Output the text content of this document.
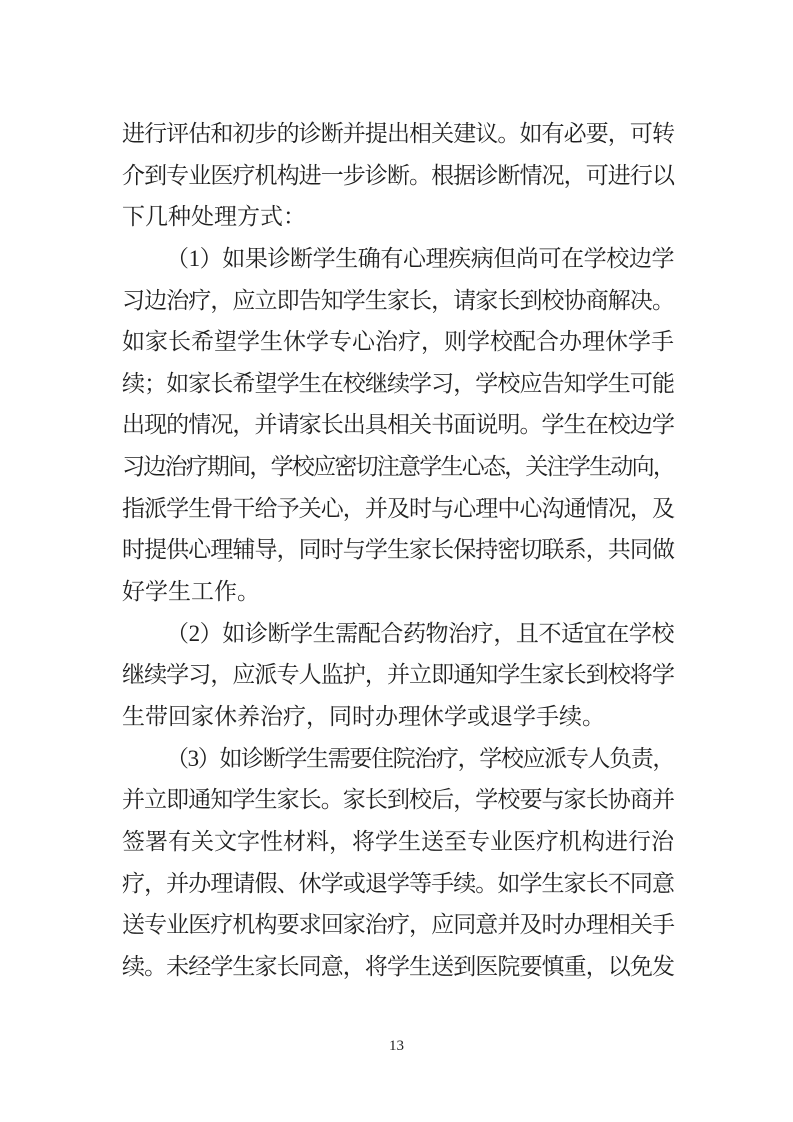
进行评估和初步的诊断并提出相关建议。如有必要，可转
介到专业医疗机构进一步诊断。根据诊断情况，可进行以
下几种处理方式：
（1）如果诊断学生确有心理疾病但尚可在学校边学
习边治疗，应立即告知学生家长，请家长到校协商解决。
如家长希望学生休学专心治疗，则学校配合办理休学手
续；如家长希望学生在校继续学习，学校应告知学生可能
出现的情况，并请家长出具相关书面说明。学生在校边学
习边治疗期间，学校应密切注意学生心态，关注学生动向，
指派学生骨干给予关心，并及时与心理中心沟通情况，及
时提供心理辅导，同时与学生家长保持密切联系，共同做
好学生工作。
（2）如诊断学生需配合药物治疗，且不适宜在学校
继续学习，应派专人监护，并立即通知学生家长到校将学
生带回家休养治疗，同时办理休学或退学手续。
（3）如诊断学生需要住院治疗，学校应派专人负责，
并立即通知学生家长。家长到校后，学校要与家长协商并
签署有关文字性材料，将学生送至专业医疗机构进行治
疗，并办理请假、休学或退学等手续。如学生家长不同意
送专业医疗机构要求回家治疗，应同意并及时办理相关手
续。未经学生家长同意，将学生送到医院要慎重，以免发
13
